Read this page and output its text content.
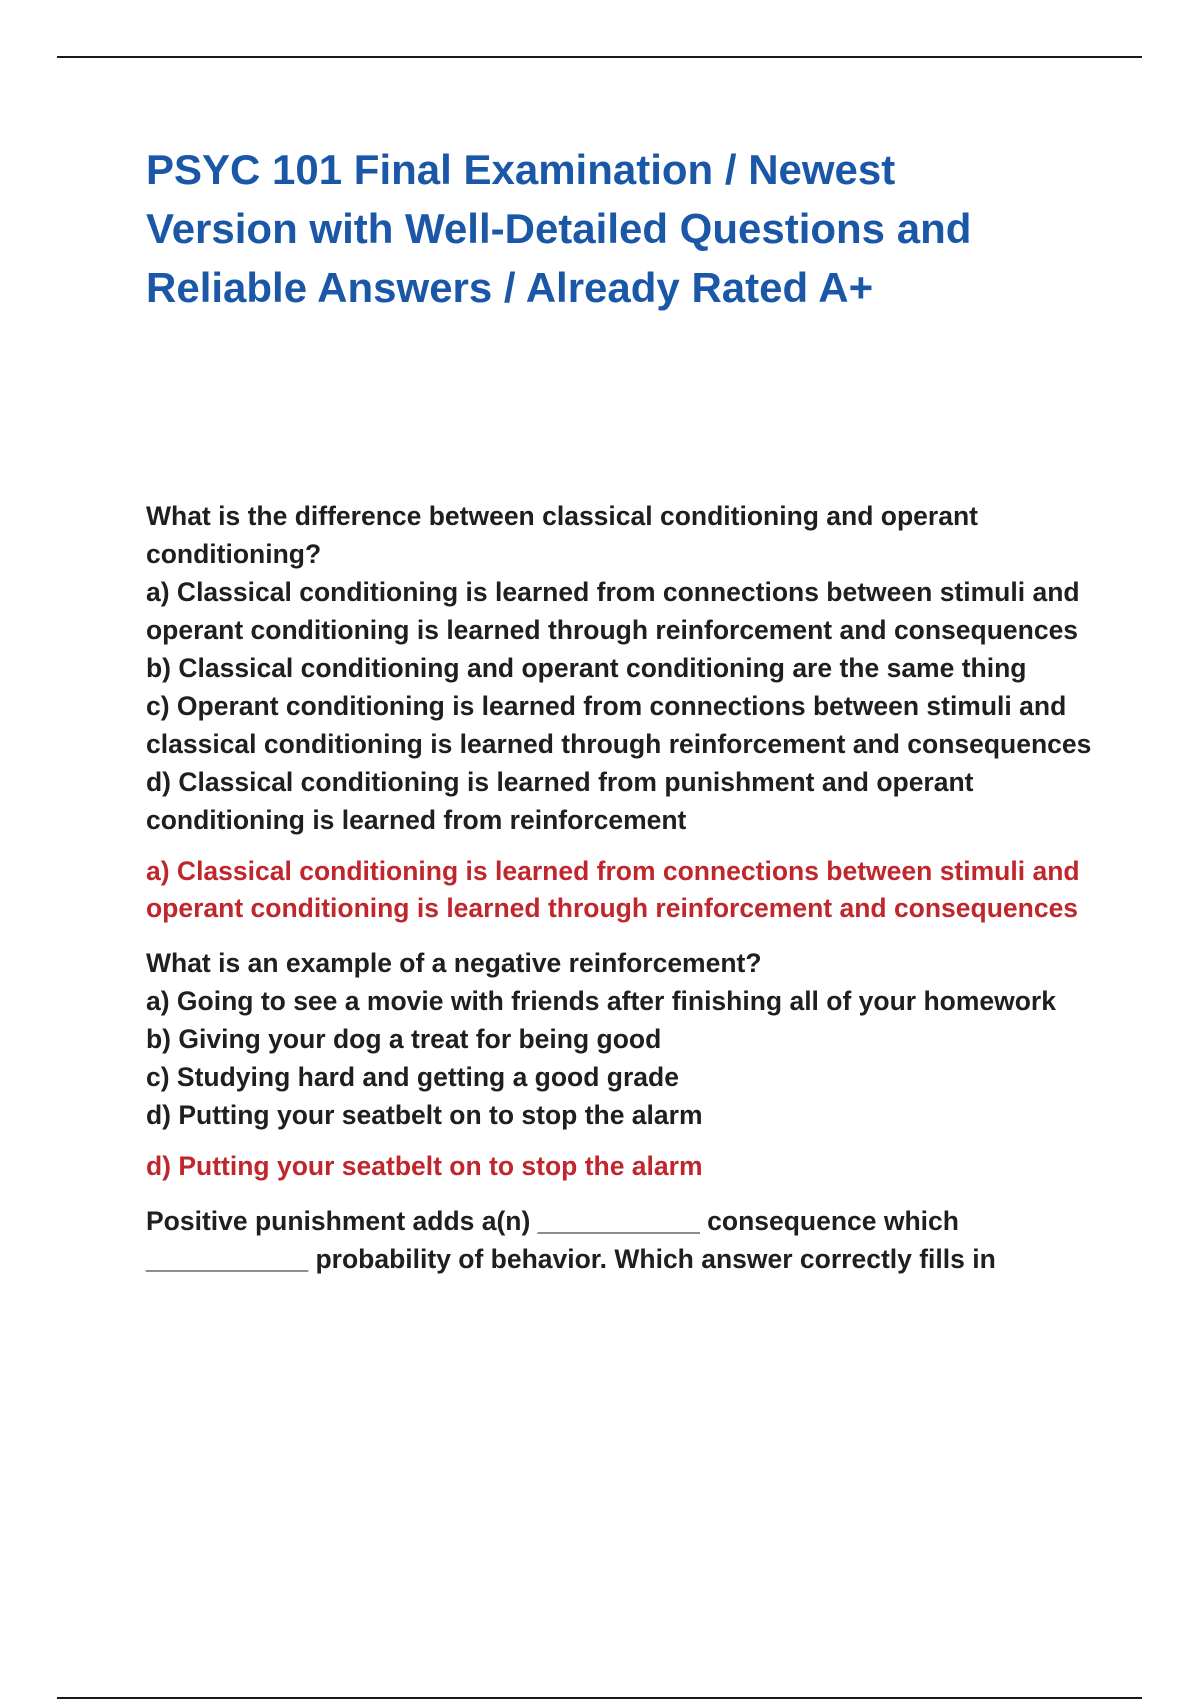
PSYC 101 Final Examination / Newest Version with Well-Detailed Questions and Reliable Answers / Already Rated A+

What is the difference between classical conditioning and operant conditioning?

a) Classical conditioning is learned from connections between stimuli and operant conditioning is learned through reinforcement and consequences

b) Classical conditioning and operant conditioning are the same thing

c) Operant conditioning is learned from connections between stimuli and classical conditioning is learned through reinforcement and consequences

d) Classical conditioning is learned from punishment and operant conditioning is learned from reinforcement

a) Classical conditioning is learned from connections between stimuli and operant conditioning is learned through reinforcement and consequences

What is an example of a negative reinforcement?

a) Going to see a movie with friends after finishing all of your homework

b) Giving your dog a treat for being good

c) Studying hard and getting a good grade

d) Putting your seatbelt on to stop the alarm

d) Putting your seatbelt on to stop the alarm

Positive punishment adds a(n) ___________ consequence which ___________ probability of behavior. Which answer correctly fills in
